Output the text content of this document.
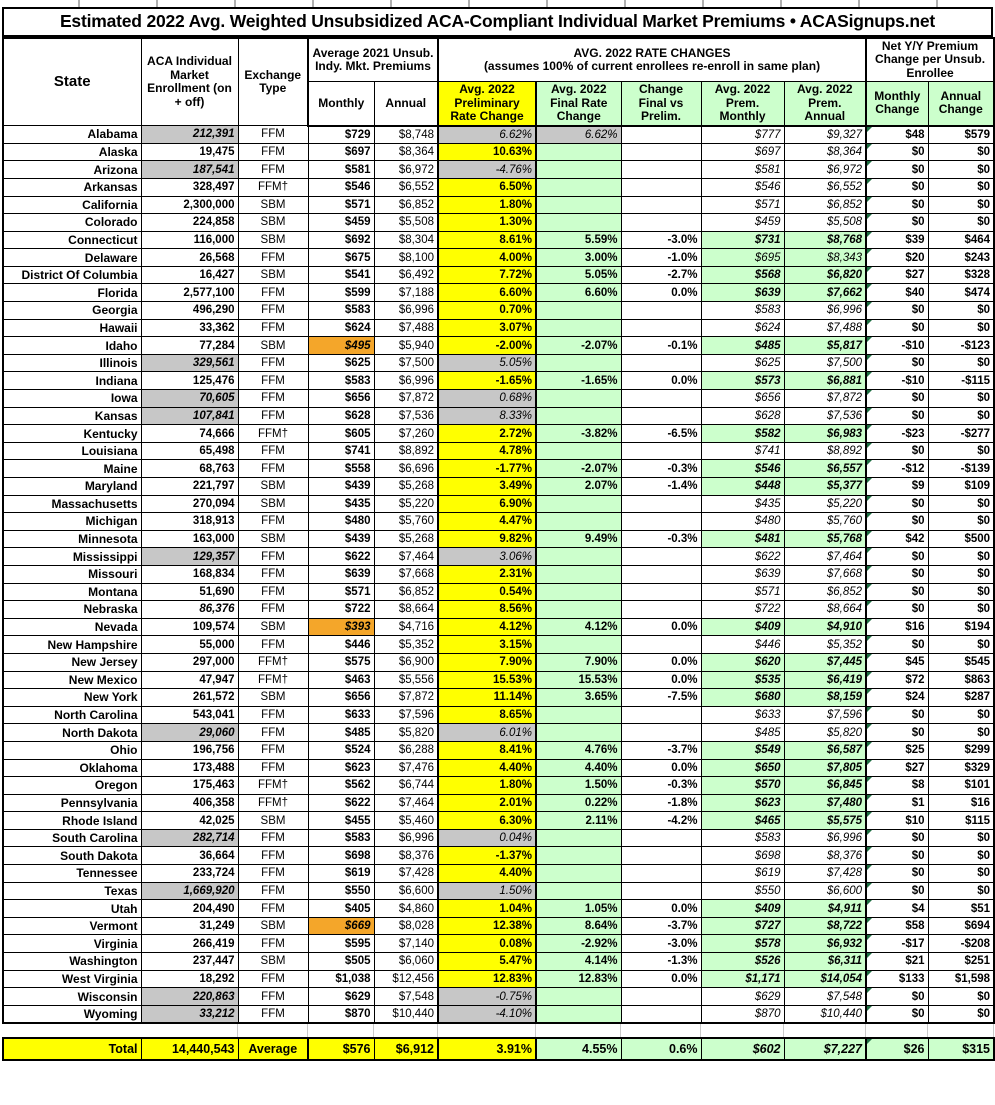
Estimated 2022 Avg. Weighted Unsubsidized ACA-Compliant Individual Market Premiums • ACASignups.net
State	ACA Individual Market Enrollment (on + off)	Exchange Type	Average 2021 Unsub. Indy. Mkt. Premiums		AVG. 2022 RATE CHANGES
(assumes 100% of current enrollees re-enroll in same plan)					Net Y/Y Premium Change per Unsub. Enrollee	
			Monthly	Annual	Avg. 2022 Preliminary Rate Change	Avg. 2022 Final Rate Change	Change Final vs Prelim.	Avg. 2022 Prem. Monthly	Avg. 2022 Prem. Annual	Monthly Change	Annual Change
Alabama	212,391	FFM	$729	$8,748	6.62%	6.62%		$777	$9,327	$48	$579
Alaska	19,475	FFM	$697	$8,364	10.63%			$697	$8,364	$0	$0
Arizona	187,541	FFM	$581	$6,972	-4.76%			$581	$6,972	$0	$0
Arkansas	328,497	FFM†	$546	$6,552	6.50%			$546	$6,552	$0	$0
California	2,300,000	SBM	$571	$6,852	1.80%			$571	$6,852	$0	$0
Colorado	224,858	SBM	$459	$5,508	1.30%			$459	$5,508	$0	$0
Connecticut	116,000	SBM	$692	$8,304	8.61%	5.59%	-3.0%	$731	$8,768	$39	$464
Delaware	26,568	FFM	$675	$8,100	4.00%	3.00%	-1.0%	$695	$8,343	$20	$243
District Of Columbia	16,427	SBM	$541	$6,492	7.72%	5.05%	-2.7%	$568	$6,820	$27	$328
Florida	2,577,100	FFM	$599	$7,188	6.60%	6.60%	0.0%	$639	$7,662	$40	$474
Georgia	496,290	FFM	$583	$6,996	0.70%			$583	$6,996	$0	$0
Hawaii	33,362	FFM	$624	$7,488	3.07%			$624	$7,488	$0	$0
Idaho	77,284	SBM	$495	$5,940	-2.00%	-2.07%	-0.1%	$485	$5,817	-$10	-$123
Illinois	329,561	FFM	$625	$7,500	5.05%			$625	$7,500	$0	$0
Indiana	125,476	FFM	$583	$6,996	-1.65%	-1.65%	0.0%	$573	$6,881	-$10	-$115
Iowa	70,605	FFM	$656	$7,872	0.68%			$656	$7,872	$0	$0
Kansas	107,841	FFM	$628	$7,536	8.33%			$628	$7,536	$0	$0
Kentucky	74,666	FFM†	$605	$7,260	2.72%	-3.82%	-6.5%	$582	$6,983	-$23	-$277
Louisiana	65,498	FFM	$741	$8,892	4.78%			$741	$8,892	$0	$0
Maine	68,763	FFM	$558	$6,696	-1.77%	-2.07%	-0.3%	$546	$6,557	-$12	-$139
Maryland	221,797	SBM	$439	$5,268	3.49%	2.07%	-1.4%	$448	$5,377	$9	$109
Massachusetts	270,094	SBM	$435	$5,220	6.90%			$435	$5,220	$0	$0
Michigan	318,913	FFM	$480	$5,760	4.47%			$480	$5,760	$0	$0
Minnesota	163,000	SBM	$439	$5,268	9.82%	9.49%	-0.3%	$481	$5,768	$42	$500
Mississippi	129,357	FFM	$622	$7,464	3.06%			$622	$7,464	$0	$0
Missouri	168,834	FFM	$639	$7,668	2.31%			$639	$7,668	$0	$0
Montana	51,690	FFM	$571	$6,852	0.54%			$571	$6,852	$0	$0
Nebraska	86,376	FFM	$722	$8,664	8.56%			$722	$8,664	$0	$0
Nevada	109,574	SBM	$393	$4,716	4.12%	4.12%	0.0%	$409	$4,910	$16	$194
New Hampshire	55,000	FFM	$446	$5,352	3.15%			$446	$5,352	$0	$0
New Jersey	297,000	FFM†	$575	$6,900	7.90%	7.90%	0.0%	$620	$7,445	$45	$545
New Mexico	47,947	FFM†	$463	$5,556	15.53%	15.53%	0.0%	$535	$6,419	$72	$863
New York	261,572	SBM	$656	$7,872	11.14%	3.65%	-7.5%	$680	$8,159	$24	$287
North Carolina	543,041	FFM	$633	$7,596	8.65%			$633	$7,596	$0	$0
North Dakota	29,060	FFM	$485	$5,820	6.01%			$485	$5,820	$0	$0
Ohio	196,756	FFM	$524	$6,288	8.41%	4.76%	-3.7%	$549	$6,587	$25	$299
Oklahoma	173,488	FFM	$623	$7,476	4.40%	4.40%	0.0%	$650	$7,805	$27	$329
Oregon	175,463	FFM†	$562	$6,744	1.80%	1.50%	-0.3%	$570	$6,845	$8	$101
Pennsylvania	406,358	FFM†	$622	$7,464	2.01%	0.22%	-1.8%	$623	$7,480	$1	$16
Rhode Island	42,025	SBM	$455	$5,460	6.30%	2.11%	-4.2%	$465	$5,575	$10	$115
South Carolina	282,714	FFM	$583	$6,996	0.04%			$583	$6,996	$0	$0
South Dakota	36,664	FFM	$698	$8,376	-1.37%			$698	$8,376	$0	$0
Tennessee	233,724	FFM	$619	$7,428	4.40%			$619	$7,428	$0	$0
Texas	1,669,920	FFM	$550	$6,600	1.50%			$550	$6,600	$0	$0
Utah	204,490	FFM	$405	$4,860	1.04%	1.05%	0.0%	$409	$4,911	$4	$51
Vermont	31,249	SBM	$669	$8,028	12.38%	8.64%	-3.7%	$727	$8,722	$58	$694
Virginia	266,419	FFM	$595	$7,140	0.08%	-2.92%	-3.0%	$578	$6,932	-$17	-$208
Washington	237,447	SBM	$505	$6,060	5.47%	4.14%	-1.3%	$526	$6,311	$21	$251
West Virginia	18,292	FFM	$1,038	$12,456	12.83%	12.83%	0.0%	$1,171	$14,054	$133	$1,598
Wisconsin	220,863	FFM	$629	$7,548	-0.75%			$629	$7,548	$0	$0
Wyoming	33,212	FFM	$870	$10,440	-4.10%			$870	$10,440	$0	$0

Total	14,440,543	Average	$576	$6,912	3.91%	4.55%	0.6%	$602	$7,227	$26	$315
